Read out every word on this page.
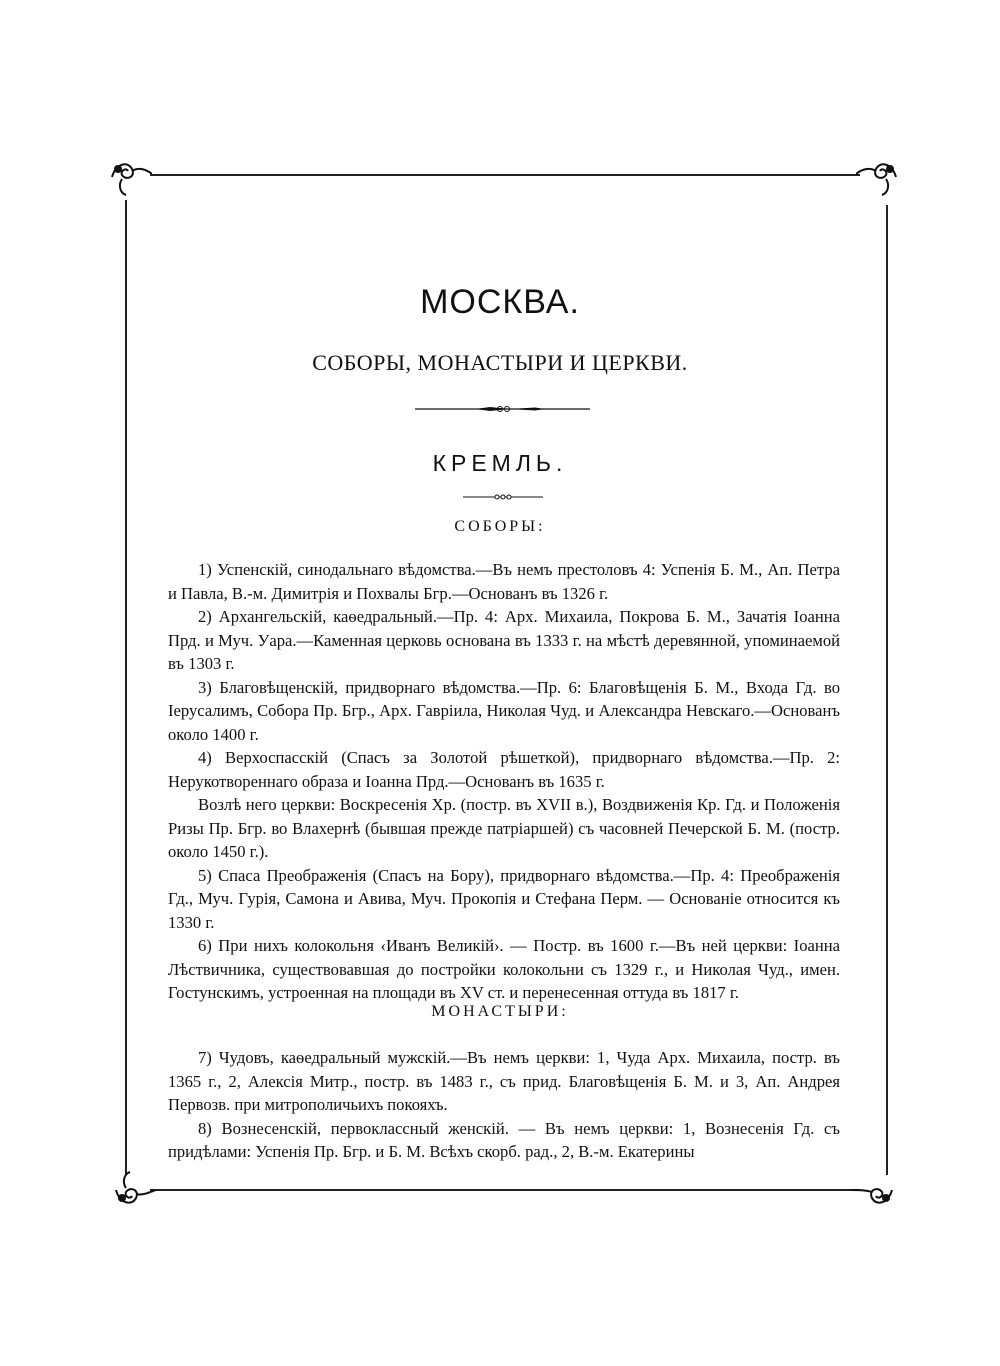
МОСКВА.
СОБОРЫ, МОНАСТЫРИ И ЦЕРКВИ.
КРЕМЛЬ.
СОБОРЫ:

1) Успенскій, синодальнаго вѣдомства.—Въ немъ престоловъ 4: Успенія Б. М., Ап. Петра и Павла, В.-м. Димитрія и Похвалы Бгр.—Основанъ въ 1326 г.

2) Архангельскій, каѳедральный.—Пр. 4: Арх. Михаила, Покрова Б. М., Зачатія Іоанна Прд. и Муч. Уара.—Каменная церковь основана въ 1333 г. на мѣстѣ деревянной, упоминаемой въ 1303 г.

3) Благовѣщенскій, придворнаго вѣдомства.—Пр. 6: Благовѣщенія Б. М., Входа Гд. во Іерусалимъ, Собора Пр. Бгр., Арх. Гавріила, Николая Чуд. и Александра Невскаго.—Основанъ около 1400 г.

4) Верхоспасскій (Спасъ за Золотой рѣшеткой), придворнаго вѣдомства.—Пр. 2: Нерукотвореннаго образа и Іоанна Прд.—Основанъ въ 1635 г.

Возлѣ него церкви: Воскресенія Хр. (постр. въ XVII в.), Воздвиженія Кр. Гд. и Положенія Ризы Пр. Бгр. во Влахернѣ (бывшая прежде патріаршей) съ часовней Печерской Б. М. (постр. около 1450 г.).

5) Спаса Преображенія (Спасъ на Бору), придворнаго вѣдомства.—Пр. 4: Преображенія Гд., Муч. Гурія, Самона и Авива, Муч. Прокопія и Стефана Перм. — Основаніе относится къ 1330 г.

6) При нихъ колокольня ‹Иванъ Великій›. — Постр. въ 1600 г.—Въ ней церкви: Іоанна Лѣствичника, существовавшая до постройки колокольни съ 1329 г., и Николая Чуд., имен. Гостунскимъ, устроенная на площади въ XV ст. и перенесенная оттуда въ 1817 г.

МОНАСТЫРИ:

7) Чудовъ, каѳедральный мужскій.—Въ немъ церкви: 1, Чуда Арх. Михаила, постр. въ 1365 г., 2, Алексія Митр., постр. въ 1483 г., съ прид. Благовѣщенія Б. М. и 3, Ап. Андрея Первозв. при митрополичьихъ покояхъ.

8) Вознесенскій, первоклассный женскій. — Въ немъ церкви: 1, Вознесенія Гд. съ придѣлами: Успенія Пр. Бгр. и Б. М. Всѣхъ скорб. рад., 2, В.-м. Екатерины
